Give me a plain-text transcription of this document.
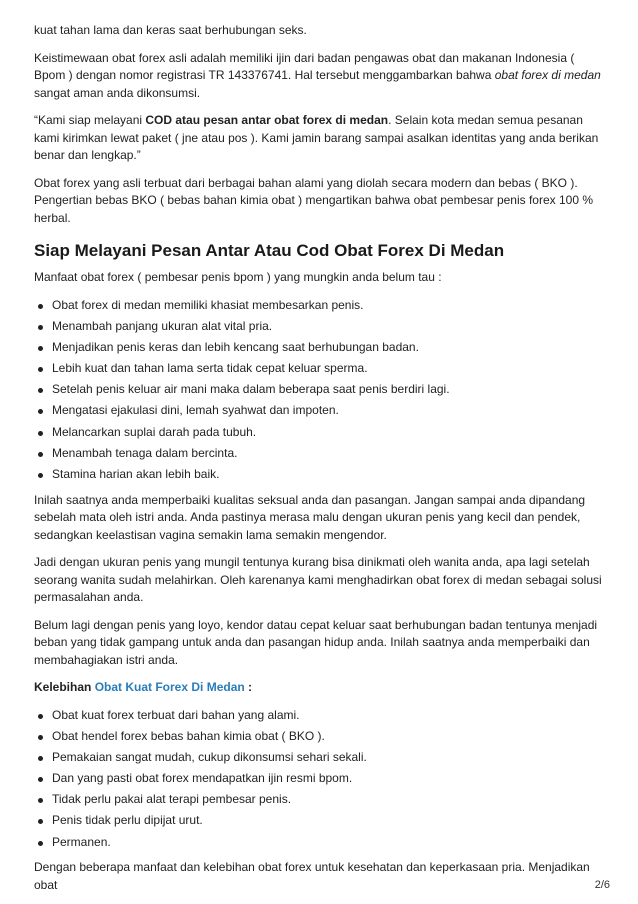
kuat tahan lama dan keras saat berhubungan seks.

Keistimewaan obat forex asli adalah memiliki ijin dari badan pengawas obat dan makanan Indonesia ( Bpom ) dengan nomor registrasi TR 143376741. Hal tersebut menggambarkan bahwa obat forex di medan sangat aman anda dikonsumsi.

“Kami siap melayani COD atau pesan antar obat forex di medan. Selain kota medan semua pesanan kami kirimkan lewat paket ( jne atau pos ). Kami jamin barang sampai asalkan identitas yang anda berikan benar dan lengkap.”

Obat forex yang asli terbuat dari berbagai bahan alami yang diolah secara modern dan bebas ( BKO ). Pengertian bebas BKO ( bebas bahan kimia obat ) mengartikan bahwa obat pembesar penis forex 100 % herbal.

Siap Melayani Pesan Antar Atau Cod Obat Forex Di Medan

Manfaat obat forex ( pembesar penis bpom ) yang mungkin anda belum tau :

Obat forex di medan memiliki khasiat membesarkan penis.
Menambah panjang ukuran alat vital pria.
Menjadikan penis keras dan lebih kencang saat berhubungan badan.
Lebih kuat dan tahan lama serta tidak cepat keluar sperma.
Setelah penis keluar air mani maka dalam beberapa saat penis berdiri lagi.
Mengatasi ejakulasi dini, lemah syahwat dan impoten.
Melancarkan suplai darah pada tubuh.
Menambah tenaga dalam bercinta.
Stamina harian akan lebih baik.

Inilah saatnya anda memperbaiki kualitas seksual anda dan pasangan. Jangan sampai anda dipandang sebelah mata oleh istri anda. Anda pastinya merasa malu dengan ukuran penis yang kecil dan pendek, sedangkan keelastisan vagina semakin lama semakin mengendor.

Jadi dengan ukuran penis yang mungil tentunya kurang bisa dinikmati oleh wanita anda, apa lagi setelah seorang wanita sudah melahirkan. Oleh karenanya kami menghadirkan obat forex di medan sebagai solusi permasalahan anda.

Belum lagi dengan penis yang loyo, kendor datau cepat keluar saat berhubungan badan tentunya menjadi beban yang tidak gampang untuk anda dan pasangan hidup anda. Inilah saatnya anda memperbaiki dan membahagiakan istri anda.

Kelebihan Obat Kuat Forex Di Medan :

Obat kuat forex terbuat dari bahan yang alami.
Obat hendel forex bebas bahan kimia obat ( BKO ).
Pemakaian sangat mudah, cukup dikonsumsi sehari sekali.
Dan yang pasti obat forex mendapatkan ijin resmi bpom.
Tidak perlu pakai alat terapi pembesar penis.
Penis tidak perlu dipijat urut.
Permanen.

Dengan beberapa manfaat dan kelebihan obat forex untuk kesehatan dan keperkasaan pria. Menjadikan obat	2/6
